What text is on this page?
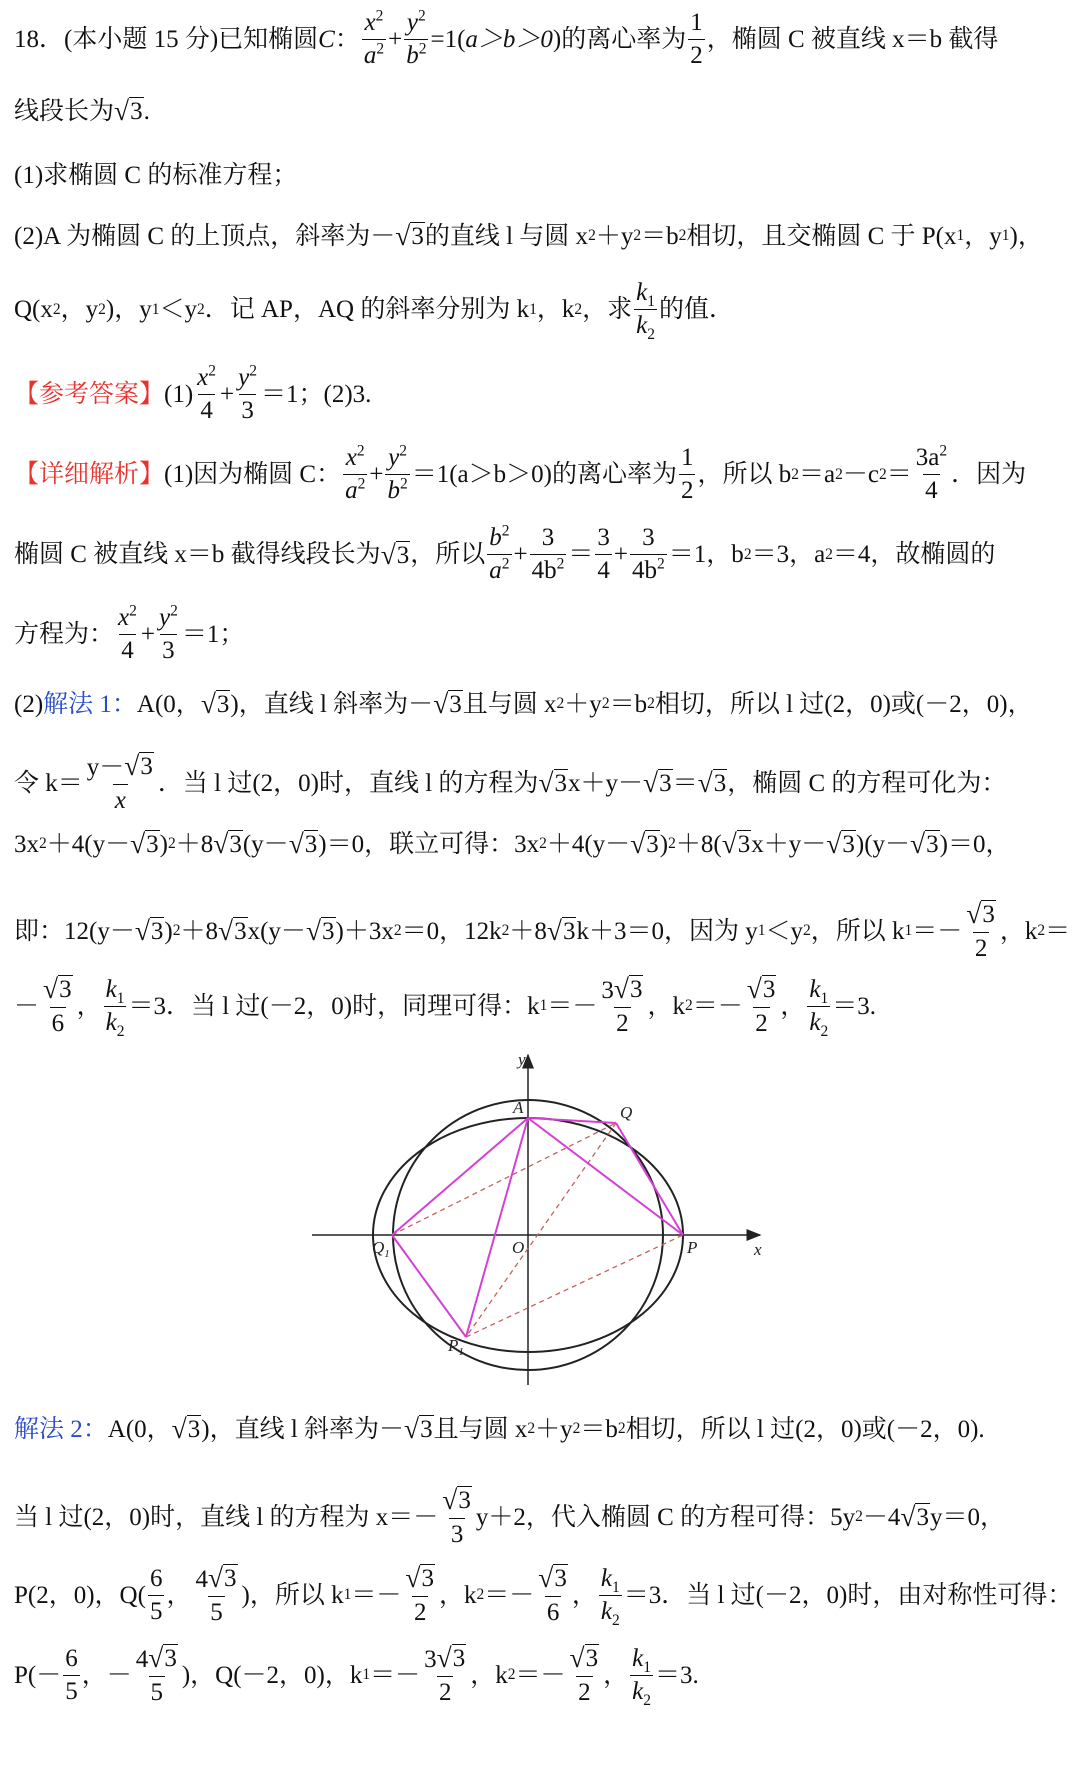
18 ．(本小题 15 分)已知椭圆 C ： $\frac{x^2}{a^2} + \frac{y^2}{b^2} =1$( a＞b＞0 )的离心率为 $\frac{1}{2}$ ，椭圆 C 被直线 x＝b 截得
线段长为 √ 3 .
(1)求椭圆 C 的标准方程；
(2)A 为椭圆 C 的上顶点，斜率为－ √ 3 的直线 l 与圆 x 2 ＋y 2 ＝b 2 相切，且交椭圆 C 于 P(x 1 ，y 1 )，
Q(x 2 ，y 2 )，y 1 ＜y 2 ．记 AP，AQ 的斜率分别为 k 1 ，k 2 ，求 $\frac{k_1}{k_2}$ 的值．
【参考答案】 $(1) \frac{x^2}{4} + \frac{y^2}{3} =1$；(2)3.
【详细解析】 (1)因为椭圆 C： $\frac{x^2}{a^2} + \frac{y^2}{b^2} =1(a>b>0)$的离心率为 $\frac{1}{2}$ ，所以 b 2 ＝a 2 －c $2 = \frac{3a^2}{4}$ ．因为
椭圆 C 被直线 x＝b 截得线段长为 √ 3 ，所以 $\frac{b^2}{a^2} + \frac{3}{4b^2} = \frac{3}{4} + \frac{3}{4b^2} =1$ ，b 2 ＝3，a 2 ＝4，故椭圆的
方程为： $\frac{x^2}{4} + \frac{y^2}{3} =1$；
(2) 解法 1： A(0， √ 3 )，直线 l 斜率为－ √ 3 且与圆 x 2 ＋y 2 ＝b 2 相切，所以 l 过(2，0)或(－2，0)，
令 $k= \frac{y- √ 3}{x}$ ．当 l 过(2，0)时，直线 l 的方程为 √ 3 x＋y－ √ 3 ＝ √ 3 ，椭圆 C 的方程可化为：
3x 2 ＋4(y－ √ 3 ) 2 ＋8 √ 3 (y－ √ 3 )＝0，联立可得：3x 2 ＋4(y－ √ 3 ) 2 ＋8( √ 3 x＋y－ √ 3 )(y－ √ 3 )＝0，
即：12(y－ √ 3 ) 2 ＋8 √ 3 x(y－ √ 3 )＋3x 2 ＝0，12k 2 ＋8 √ 3 k＋3＝0，因为 y 1 ＜y 2 ，所以 k $1 =- \frac{√ 3}{2}$ ，k 2 ＝
－ $\frac{√ 3}{6}$ ， $\frac{k_1}{k_2} =3$．当 l 过(－2，0)时，同理可得：k $1 =- \frac{3 √ 3}{2}$ ，k $2 =- \frac{√ 3}{2}$ ， $\frac{k_1}{k_2} =3$.
y
x
A	Q
$Q_1$	O	P
$P_1$
解法 2： A(0， √ 3 )，直线 l 斜率为－ √ 3 且与圆 x 2 ＋y 2 ＝b 2 相切，所以 l 过(2，0)或(－2，0).
当 l 过(2，0)时，直线 l 的方程为 $x=- \frac{√ 3}{3} y+2$，代入椭圆 C 的方程可得：5y 2 －4 √ 3 y＝0，
P(2，0)，$Q( \frac{6}{5}$ ， $\frac{4 √ 3}{5}$ )，所以 k $1 =- \frac{√ 3}{2}$ ，k $2 =- \frac{√ 3}{6}$ ， $\frac{k_1}{k_2} =3$．当 l 过(－2，0)时，由对称性可得：
$P(- \frac{6}{5}$ ，－ $\frac{4 √ 3}{5}$ )，Q(－2，0)，k $1 =- \frac{3 √ 3}{2}$ ，k $2 =- \frac{√ 3}{2}$ ， $\frac{k_1}{k_2} =3$.
